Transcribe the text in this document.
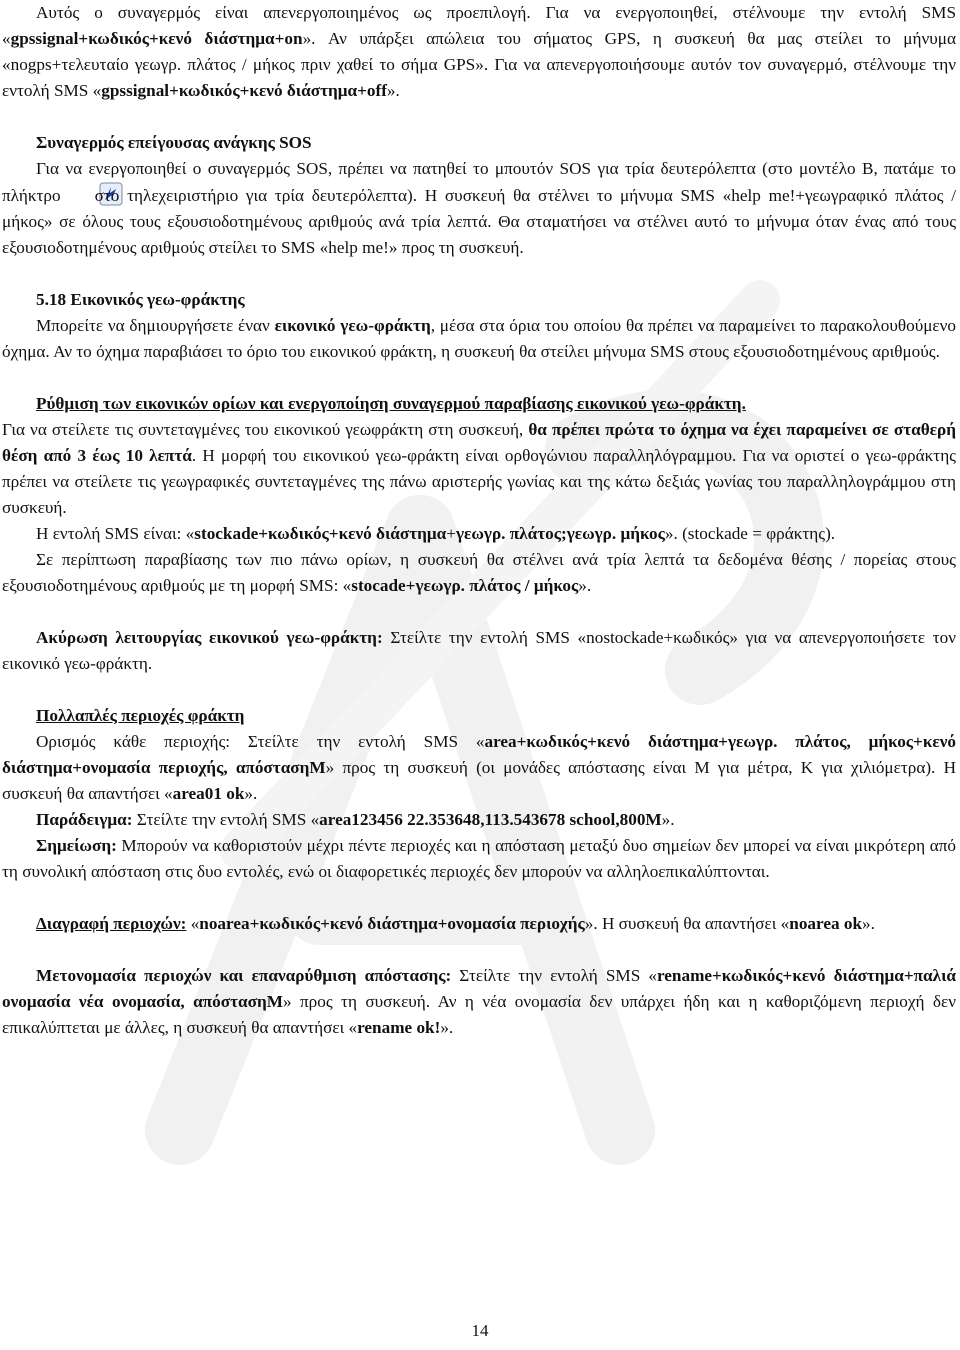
Αυτός ο συναγερμός είναι απενεργοποιημένος ως προεπιλογή. Για να ενεργοποιηθεί, στέλνουμε την εντολή SMS «gpssignal+κωδικός+κενό διάστημα+on». Αν υπάρξει απώλεια του σήματος GPS, η συσκευή θα μας στείλει το μήνυμα «nogps+τελευταίο γεωγρ. πλάτος / μήκος πριν χαθεί το σήμα GPS». Για να απενεργοποιήσουμε αυτόν τον συναγερμό, στέλνουμε την εντολή SMS «gpssignal+κωδικός+κενό διάστημα+off».

Συναγερμός επείγουσας ανάγκης SOS

Για να ενεργοποιηθεί ο συναγερμός SOS, πρέπει να πατηθεί το μπουτόν SOS για τρία δευτερόλεπτα (στο μοντέλο B, πατάμε το πλήκτρο στο τηλεχειριστήριο για τρία δευτερόλεπτα). Η συσκευή θα στέλνει το μήνυμα SMS «help me!+γεωγραφικό πλάτος / μήκος» σε όλους τους εξουσιοδοτημένους αριθμούς ανά τρία λεπτά. Θα σταματήσει να στέλνει αυτό το μήνυμα όταν ένας από τους εξουσιοδοτημένους αριθμούς στείλει το SMS «help me!» προς τη συσκευή.

5.18 Εικονικός γεω-φράκτης

Μπορείτε να δημιουργήσετε έναν εικονικό γεω-φράκτη, μέσα στα όρια του οποίου θα πρέπει να παραμείνει το παρακολουθούμενο όχημα. Αν το όχημα παραβιάσει το όριο του εικονικού φράκτη, η συσκευή θα στείλει μήνυμα SMS στους εξουσιοδοτημένους αριθμούς.

Ρύθμιση των εικονικών ορίων και ενεργοποίηση συναγερμού παραβίασης εικονικού γεω-φράκτη.

Για να στείλετε τις συντεταγμένες του εικονικού γεωφράκτη στη συσκευή, θα πρέπει πρώτα το όχημα να έχει παραμείνει σε σταθερή θέση από 3 έως 10 λεπτά. Η μορφή του εικονικού γεω-φράκτη είναι ορθογώνιου παραλληλόγραμμου. Για να οριστεί ο γεω-φράκτης πρέπει να στείλετε τις γεωγραφικές συντεταγμένες της πάνω αριστερής γωνίας και της κάτω δεξιάς γωνίας του παραλληλογράμμου στη συσκευή.

Η εντολή SMS είναι: «stockade+κωδικός+κενό διάστημα+γεωγρ. πλάτος;γεωγρ. μήκος». (stockade = φράκτης).

Σε περίπτωση παραβίασης των πιο πάνω ορίων, η συσκευή θα στέλνει ανά τρία λεπτά τα δεδομένα θέσης / πορείας στους εξουσιοδοτημένους αριθμούς με τη μορφή SMS: «stocade+γεωγρ. πλάτος / μήκος».

Ακύρωση λειτουργίας εικονικού γεω-φράκτη: Στείλτε την εντολή SMS «nostockade+κωδικός» για να απενεργοποιήσετε τον εικονικό γεω-φράκτη.

Πολλαπλές περιοχές φράκτη

Ορισμός κάθε περιοχής: Στείλτε την εντολή SMS «area+κωδικός+κενό διάστημα+γεωγρ. πλάτος, μήκος+κενό διάστημα+ονομασία περιοχής, απόστασηM» προς τη συσκευή (οι μονάδες απόστασης είναι M για μέτρα, K για χιλιόμετρα). Η συσκευή θα απαντήσει «area01 ok».

Παράδειγμα: Στείλτε την εντολή SMS «area123456 22.353648,113.543678 school,800M».

Σημείωση: Μπορούν να καθοριστούν μέχρι πέντε περιοχές και η απόσταση μεταξύ δυο σημείων δεν μπορεί να είναι μικρότερη από τη συνολική απόσταση στις δυο εντολές, ενώ οι διαφορετικές περιοχές δεν μπορούν να αλληλοεπικαλύπτονται.

Διαγραφή περιοχών: «noarea+κωδικός+κενό διάστημα+ονομασία περιοχής». Η συσκευή θα απαντήσει «noarea ok».

Μετονομασία περιοχών και επαναρύθμιση απόστασης: Στείλτε την εντολή SMS «rename+κωδικός+κενό διάστημα+παλιά ονομασία νέα ονομασία, απόστασηM» προς τη συσκευή. Αν η νέα ονομασία δεν υπάρχει ήδη και η καθοριζόμενη περιοχή δεν επικαλύπτεται με άλλες, η συσκευή θα απαντήσει «rename ok!».

14
